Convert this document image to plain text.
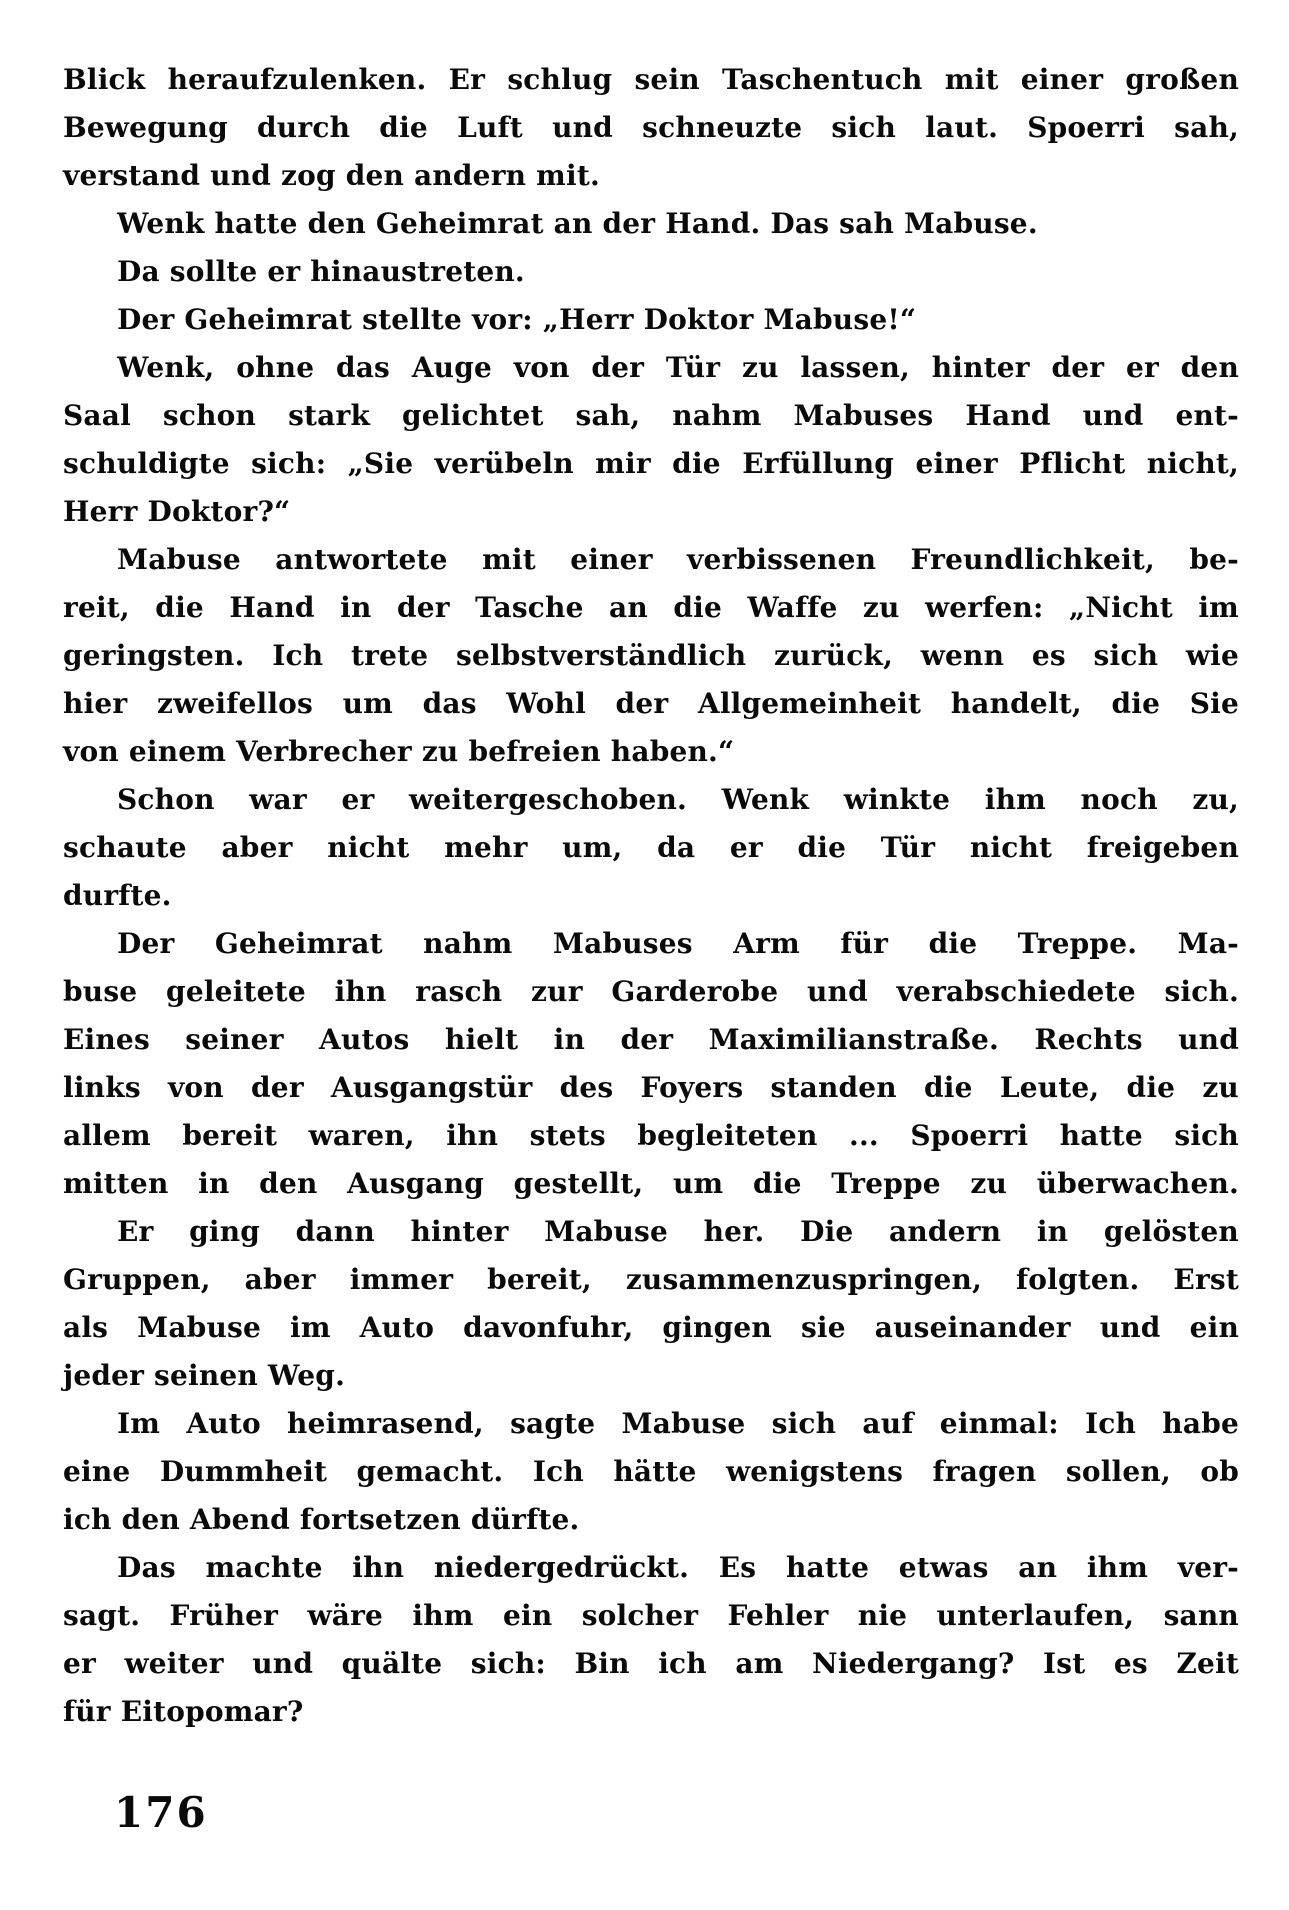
Blick heraufzulenken. Er schlug sein Taschentuch mit einer großen
Bewegung durch die Luft und schneuzte sich laut. Spoerri sah,
verstand und zog den andern mit.
Wenk hatte den Geheimrat an der Hand. Das sah Mabuse.
Da sollte er hinaustreten.
Der Geheimrat stellte vor: „Herr Doktor Mabuse!“
Wenk, ohne das Auge von der Tür zu lassen, hinter der er den
Saal schon stark gelichtet sah, nahm Mabuses Hand und ent-
schuldigte sich: „Sie verübeln mir die Erfüllung einer Pflicht nicht,
Herr Doktor?“
Mabuse antwortete mit einer verbissenen Freundlichkeit, be-
reit, die Hand in der Tasche an die Waffe zu werfen: „Nicht im
geringsten. Ich trete selbstverständlich zurück, wenn es sich wie
hier zweifellos um das Wohl der Allgemeinheit handelt, die Sie
von einem Verbrecher zu befreien haben.“
Schon war er weitergeschoben. Wenk winkte ihm noch zu,
schaute aber nicht mehr um, da er die Tür nicht freigeben
durfte.
Der Geheimrat nahm Mabuses Arm für die Treppe. Ma-
buse geleitete ihn rasch zur Garderobe und verabschiedete sich.
Eines seiner Autos hielt in der Maximilianstraße. Rechts und
links von der Ausgangstür des Foyers standen die Leute, die zu
allem bereit waren, ihn stets begleiteten ... Spoerri hatte sich
mitten in den Ausgang gestellt, um die Treppe zu überwachen.
Er ging dann hinter Mabuse her. Die andern in gelösten
Gruppen, aber immer bereit, zusammenzuspringen, folgten. Erst
als Mabuse im Auto davonfuhr, gingen sie auseinander und ein
jeder seinen Weg.
Im Auto heimrasend, sagte Mabuse sich auf einmal: Ich habe
eine Dummheit gemacht. Ich hätte wenigstens fragen sollen, ob
ich den Abend fortsetzen dürfte.
Das machte ihn niedergedrückt. Es hatte etwas an ihm ver-
sagt. Früher wäre ihm ein solcher Fehler nie unterlaufen, sann
er weiter und quälte sich: Bin ich am Niedergang? Ist es Zeit
für Eitopomar?
176
